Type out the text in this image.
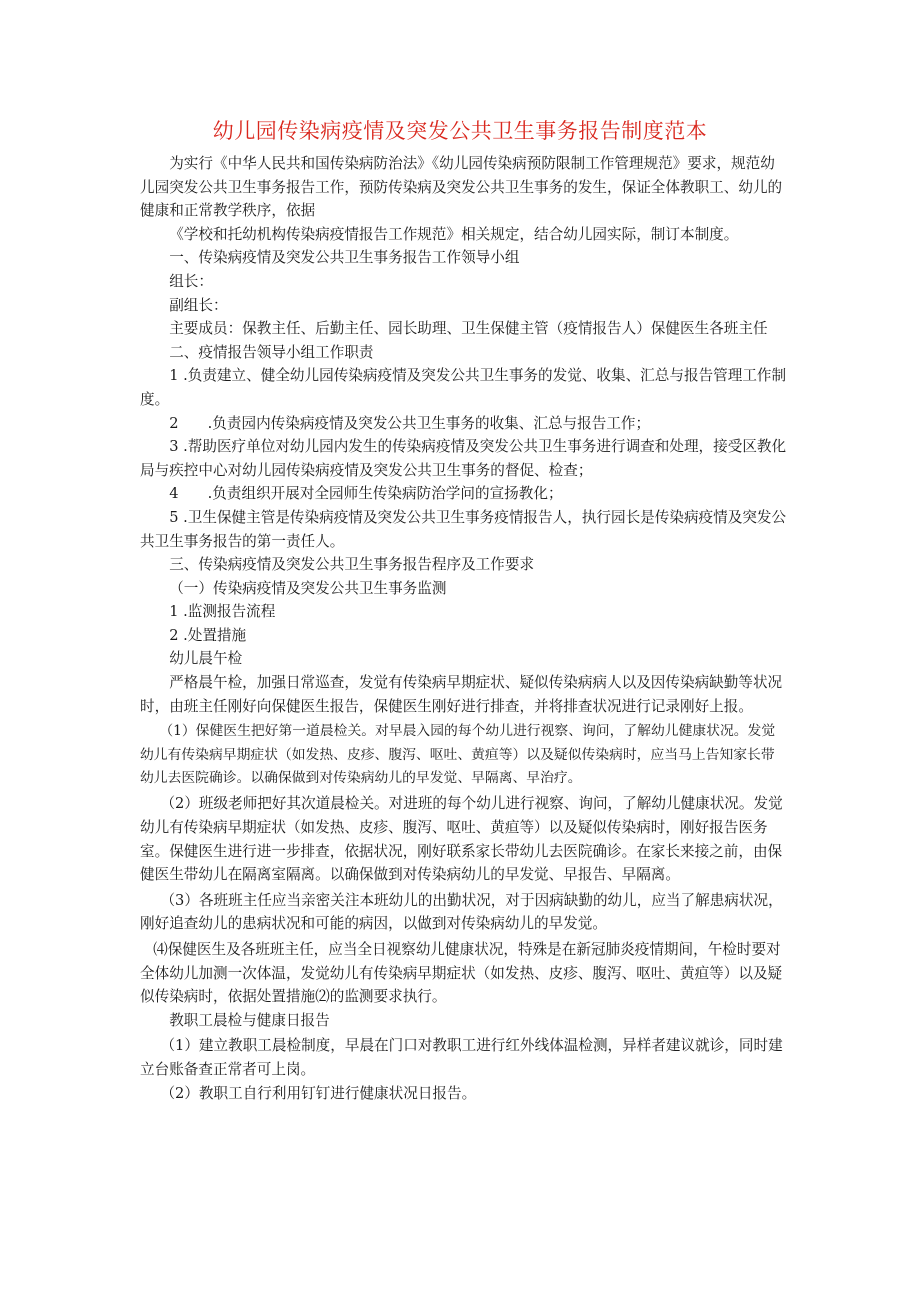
幼儿园传染病疫情及突发公共卫生事务报告制度范本

为实行《中华人民共和国传染病防治法》《幼儿园传染病预防限制工作管理规范》要求，规范幼儿园突发公共卫生事务报告工作，预防传染病及突发公共卫生事务的发生，保证全体教职工、幼儿的健康和正常教学秩序，依据

《学校和托幼机构传染病疫情报告工作规范》相关规定，结合幼儿园实际，制订本制度。

一、传染病疫情及突发公共卫生事务报告工作领导小组

组长：

副组长：

主要成员：保教主任、后勤主任、园长助理、卫生保健主管（疫情报告人）保健医生各班主任

二、疫情报告领导小组工作职责

1 .负责建立、健全幼儿园传染病疫情及突发公共卫生事务的发觉、收集、汇总与报告管理工作制度。

2　　.负责园内传染病疫情及突发公共卫生事务的收集、汇总与报告工作；

3 .帮助医疗单位对幼儿园内发生的传染病疫情及突发公共卫生事务进行调查和处理，接受区教化局与疾控中心对幼儿园传染病疫情及突发公共卫生事务的督促、检查；

4　　.负责组织开展对全园师生传染病防治学问的宣扬教化；

5 .卫生保健主管是传染病疫情及突发公共卫生事务疫情报告人，执行园长是传染病疫情及突发公共卫生事务报告的第一责任人。

三、传染病疫情及突发公共卫生事务报告程序及工作要求

（一）传染病疫情及突发公共卫生事务监测

1 .监测报告流程

2 .处置措施

幼儿晨午检

严格晨午检，加强日常巡查，发觉有传染病早期症状、疑似传染病病人以及因传染病缺勤等状况时，由班主任刚好向保健医生报告，保健医生刚好进行排查，并将排查状况进行记录刚好上报。

（1）保健医生把好第一道晨检关。对早晨入园的每个幼儿进行视察、询问，了解幼儿健康状况。发觉幼儿有传染病早期症状（如发热、皮疹、腹泻、呕吐、黄疸等）以及疑似传染病时，应当马上告知家长带幼儿去医院确诊。以确保做到对传染病幼儿的早发觉、早隔离、早治疗。

（2）班级老师把好其次道晨检关。对进班的每个幼儿进行视察、询问，了解幼儿健康状况。发觉幼儿有传染病早期症状（如发热、皮疹、腹泻、呕吐、黄疸等）以及疑似传染病时，刚好报告医务室。保健医生进行进一步排查，依据状况，刚好联系家长带幼儿去医院确诊。在家长来接之前，由保健医生带幼儿在隔离室隔离。以确保做到对传染病幼儿的早发觉、早报告、早隔离。

（3）各班班主任应当亲密关注本班幼儿的出勤状况，对于因病缺勤的幼儿，应当了解患病状况，刚好追查幼儿的患病状况和可能的病因，以做到对传染病幼儿的早发觉。

⑷保健医生及各班班主任，应当全日视察幼儿健康状况，特殊是在新冠肺炎疫情期间，午检时要对全体幼儿加测一次体温，发觉幼儿有传染病早期症状（如发热、皮疹、腹泻、呕吐、黄疸等）以及疑似传染病时，依据处置措施⑵的监测要求执行。

教职工晨检与健康日报告

（1）建立教职工晨检制度，早晨在门口对教职工进行红外线体温检测，异样者建议就诊，同时建立台账备查正常者可上岗。

（2）教职工自行利用钉钉进行健康状况日报告。
